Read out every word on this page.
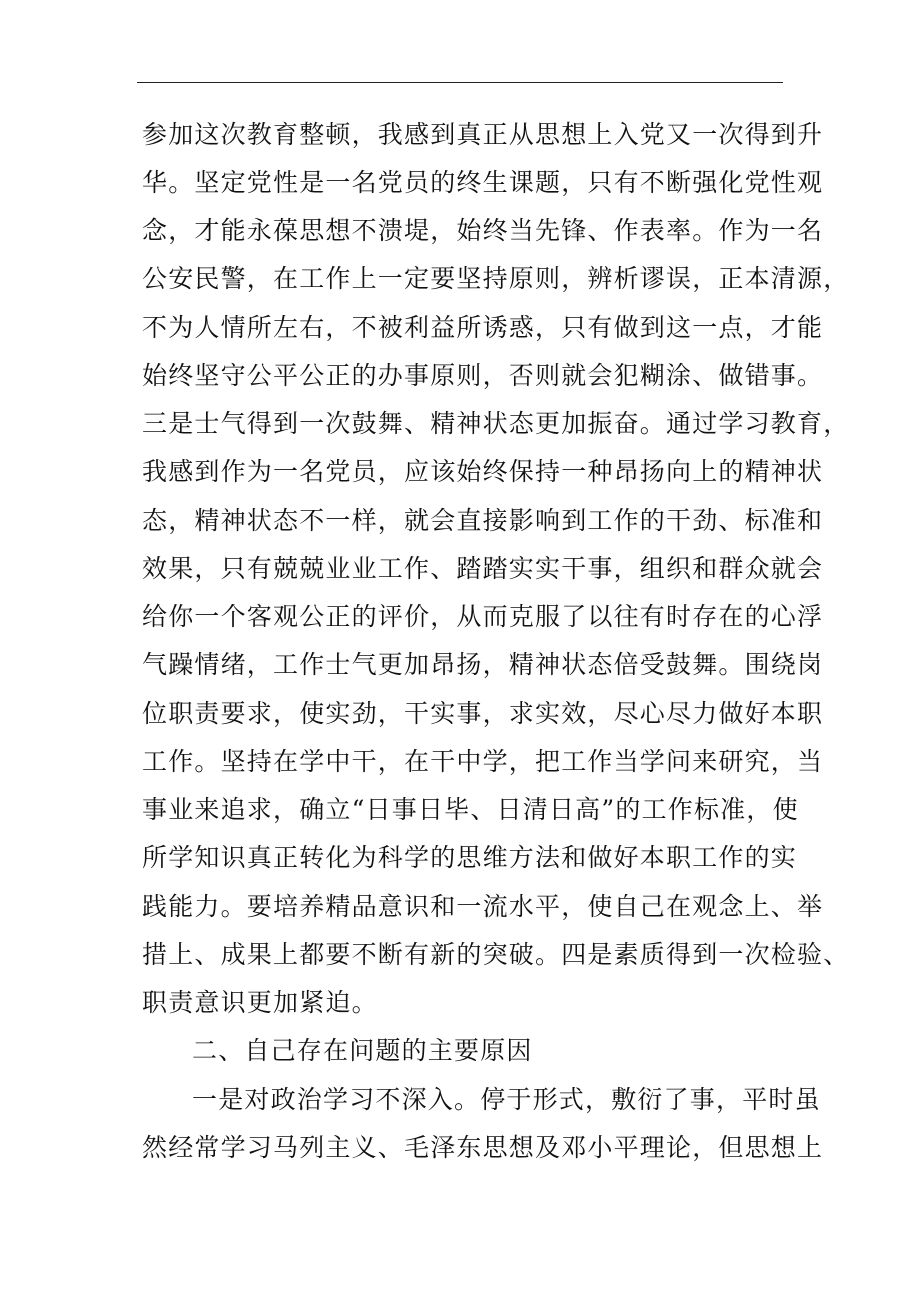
参加这次教育整顿，我感到真正从思想上入党又一次得到升
华。坚定党性是一名党员的终生课题，只有不断强化党性观
念，才能永葆思想不溃堤，始终当先锋、作表率。作为一名
公安民警，在工作上一定要坚持原则，辨析谬误，正本清源，
不为人情所左右，不被利益所诱惑，只有做到这一点，才能
始终坚守公平公正的办事原则，否则就会犯糊涂、做错事。
三是士气得到一次鼓舞、精神状态更加振奋。通过学习教育，
我感到作为一名党员，应该始终保持一种昂扬向上的精神状
态，精神状态不一样，就会直接影响到工作的干劲、标准和
效果，只有兢兢业业工作、踏踏实实干事，组织和群众就会
给你一个客观公正的评价，从而克服了以往有时存在的心浮
气躁情绪，工作士气更加昂扬，精神状态倍受鼓舞。围绕岗
位职责要求，使实劲，干实事，求实效，尽心尽力做好本职
工作。坚持在学中干，在干中学，把工作当学问来研究，当
事业来追求，确立“日事日毕、日清日高”的工作标准，使
所学知识真正转化为科学的思维方法和做好本职工作的实
践能力。要培养精品意识和一流水平，使自己在观念上、举
措上、成果上都要不断有新的突破。四是素质得到一次检验、
职责意识更加紧迫。
二、自己存在问题的主要原因
一是对政治学习不深入。停于形式，敷衍了事，平时虽
然经常学习马列主义、毛泽东思想及邓小平理论，但思想上
